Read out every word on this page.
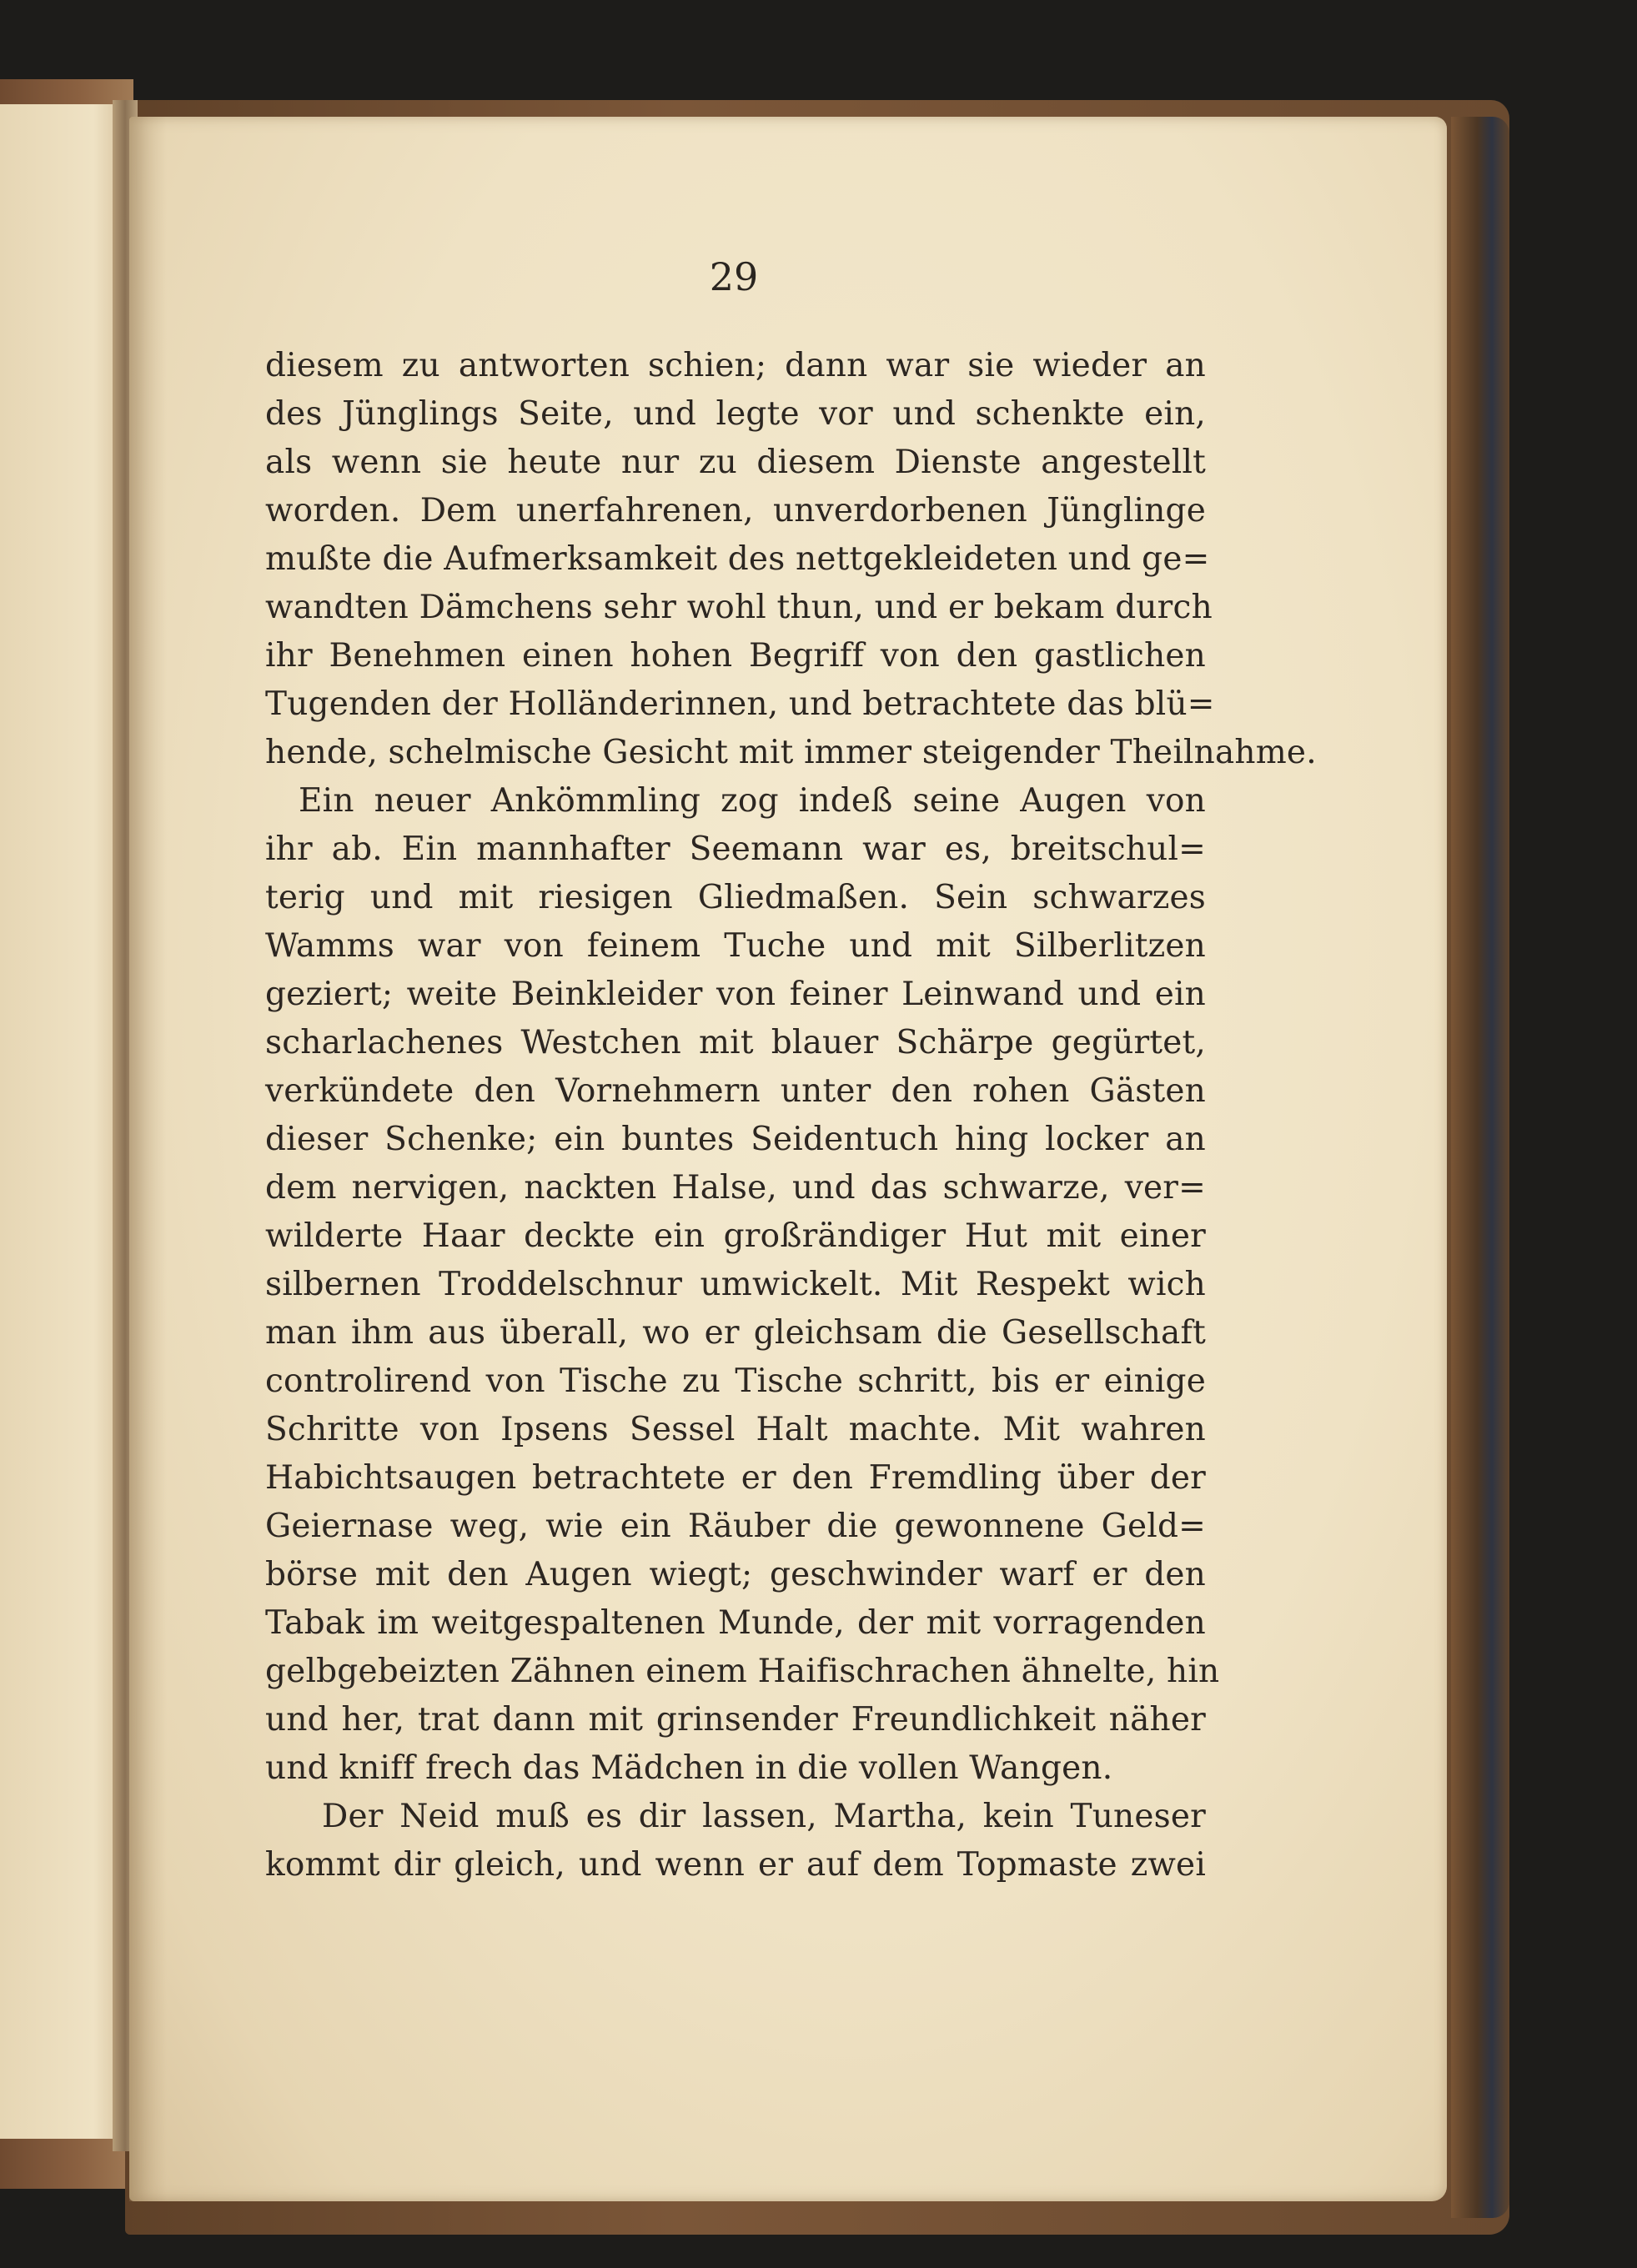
29
diesem zu antworten schien; dann war sie wieder an
des Jünglings Seite, und legte vor und schenkte ein,
als wenn sie heute nur zu diesem Dienste angestellt
worden. Dem unerfahrenen, unverdorbenen Jünglinge
mußte die Aufmerksamkeit des nettgekleideten und ge=
wandten Dämchens sehr wohl thun, und er bekam durch
ihr Benehmen einen hohen Begriff von den gastlichen
Tugenden der Holländerinnen, und betrachtete das blü=
hende, schelmische Gesicht mit immer steigender Theilnahme.
Ein neuer Ankömmling zog indeß seine Augen von
ihr ab. Ein mannhafter Seemann war es, breitschul=
terig und mit riesigen Gliedmaßen. Sein schwarzes
Wamms war von feinem Tuche und mit Silberlitzen
geziert; weite Beinkleider von feiner Leinwand und ein
scharlachenes Westchen mit blauer Schärpe gegürtet,
verkündete den Vornehmern unter den rohen Gästen
dieser Schenke; ein buntes Seidentuch hing locker an
dem nervigen, nackten Halse, und das schwarze, ver=
wilderte Haar deckte ein großrändiger Hut mit einer
silbernen Troddelschnur umwickelt. Mit Respekt wich
man ihm aus überall, wo er gleichsam die Gesellschaft
controlirend von Tische zu Tische schritt, bis er einige
Schritte von Ipsens Sessel Halt machte. Mit wahren
Habichtsaugen betrachtete er den Fremdling über der
Geiernase weg, wie ein Räuber die gewonnene Geld=
börse mit den Augen wiegt; geschwinder warf er den
Tabak im weitgespaltenen Munde, der mit vorragenden
gelbgebeizten Zähnen einem Haifischrachen ähnelte, hin
und her, trat dann mit grinsender Freundlichkeit näher
und kniff frech das Mädchen in die vollen Wangen.
Der Neid muß es dir lassen, Martha, kein Tuneser
kommt dir gleich, und wenn er auf dem Topmaste zwei
